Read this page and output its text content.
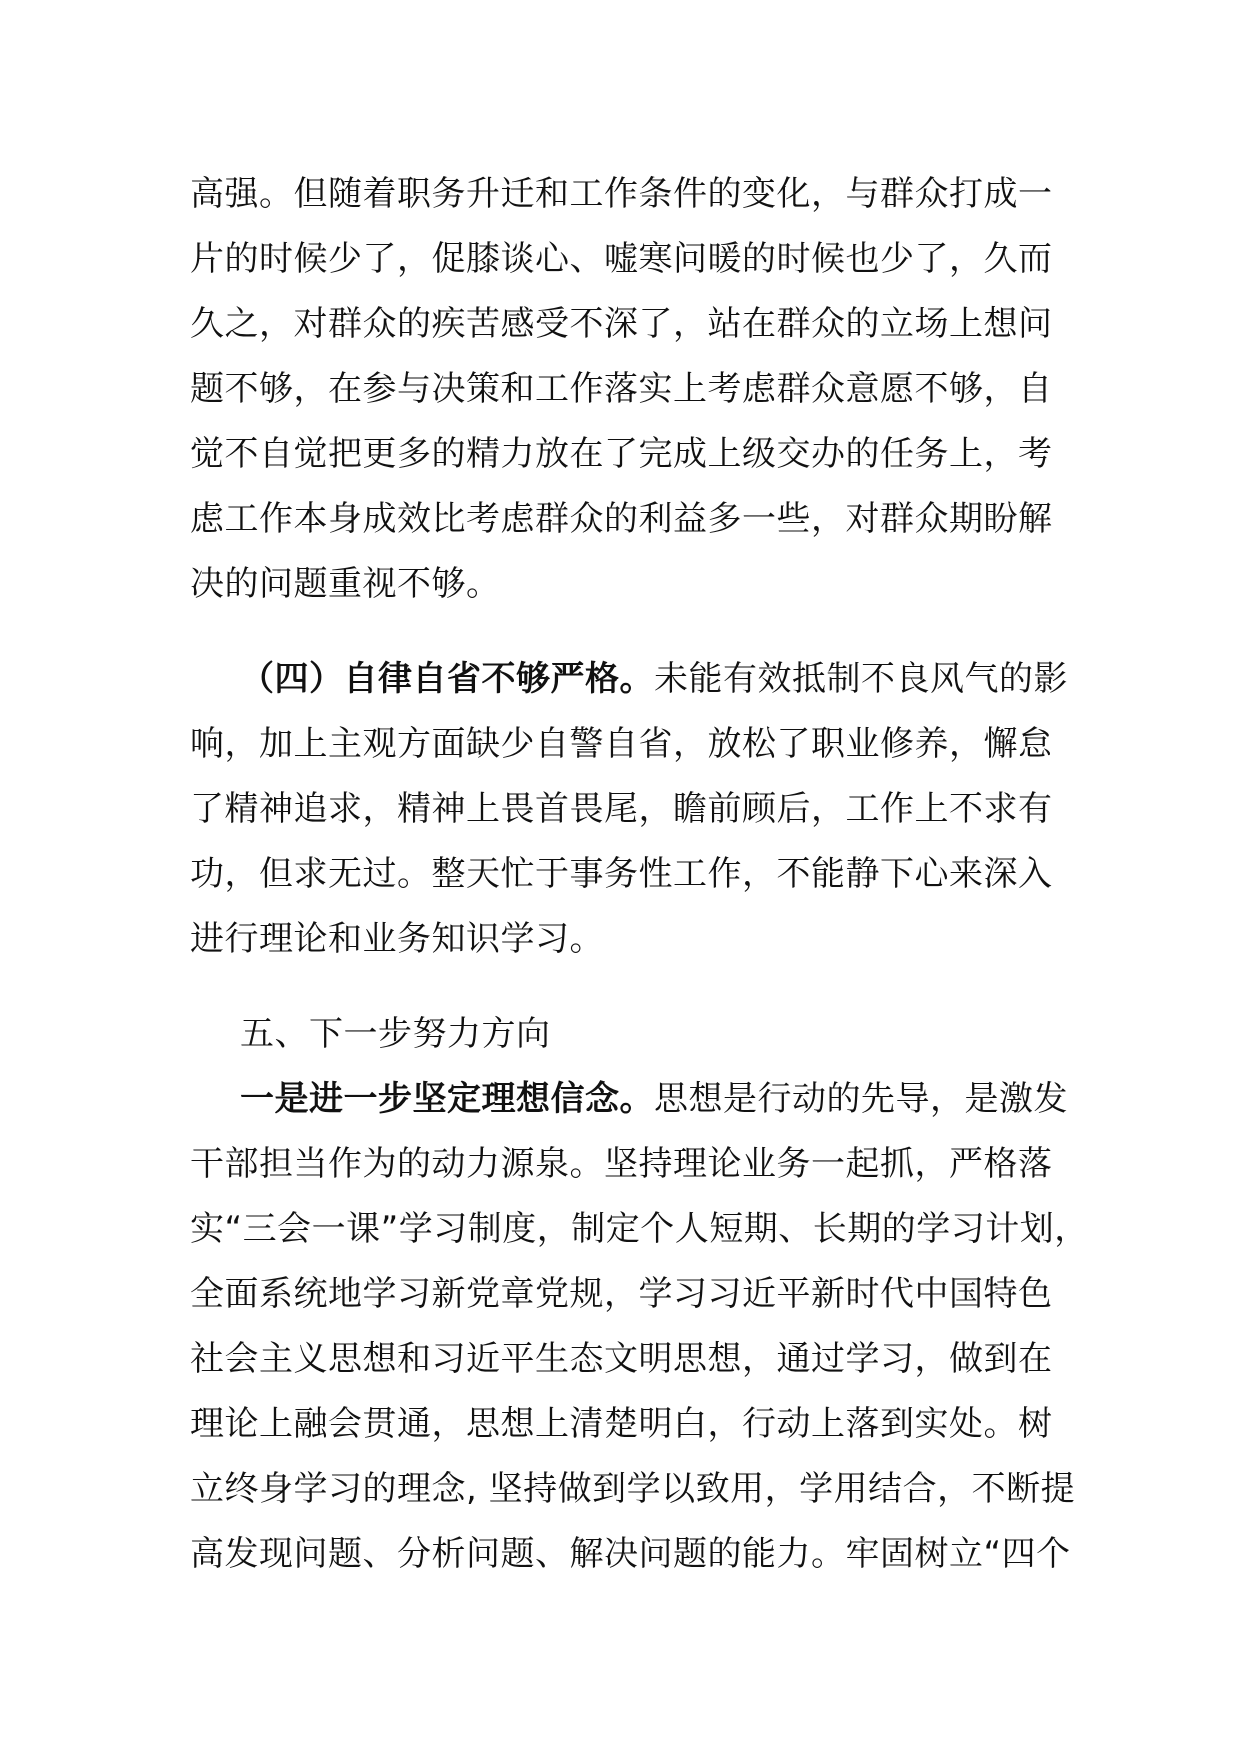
高强。但随着职务升迁和工作条件的变化，与群众打成一
片的时候少了，促膝谈心、嘘寒问暖的时候也少了，久而
久之，对群众的疾苦感受不深了，站在群众的立场上想问
题不够，在参与决策和工作落实上考虑群众意愿不够，自
觉不自觉把更多的精力放在了完成上级交办的任务上，考
虑工作本身成效比考虑群众的利益多一些，对群众期盼解
决的问题重视不够。
（四）自律自省不够严格。未能有效抵制不良风气的影
响，加上主观方面缺少自警自省，放松了职业修养，懈怠
了精神追求，精神上畏首畏尾，瞻前顾后，工作上不求有
功，但求无过。整天忙于事务性工作，不能静下心来深入
进行理论和业务知识学习。
五、下一步努力方向
一是进一步坚定理想信念。思想是行动的先导，是激发
干部担当作为的动力源泉。坚持理论业务一起抓，严格落
实“三会一课”学习制度，制定个人短期、长期的学习计划，
全面系统地学习新党章党规，学习习近平新时代中国特色
社会主义思想和习近平生态文明思想，通过学习，做到在
理论上融会贯通，思想上清楚明白，行动上落到实处。树
立终身学习的理念, 坚持做到学以致用，学用结合，不断提
高发现问题、分析问题、解决问题的能力。牢固树立“四个
